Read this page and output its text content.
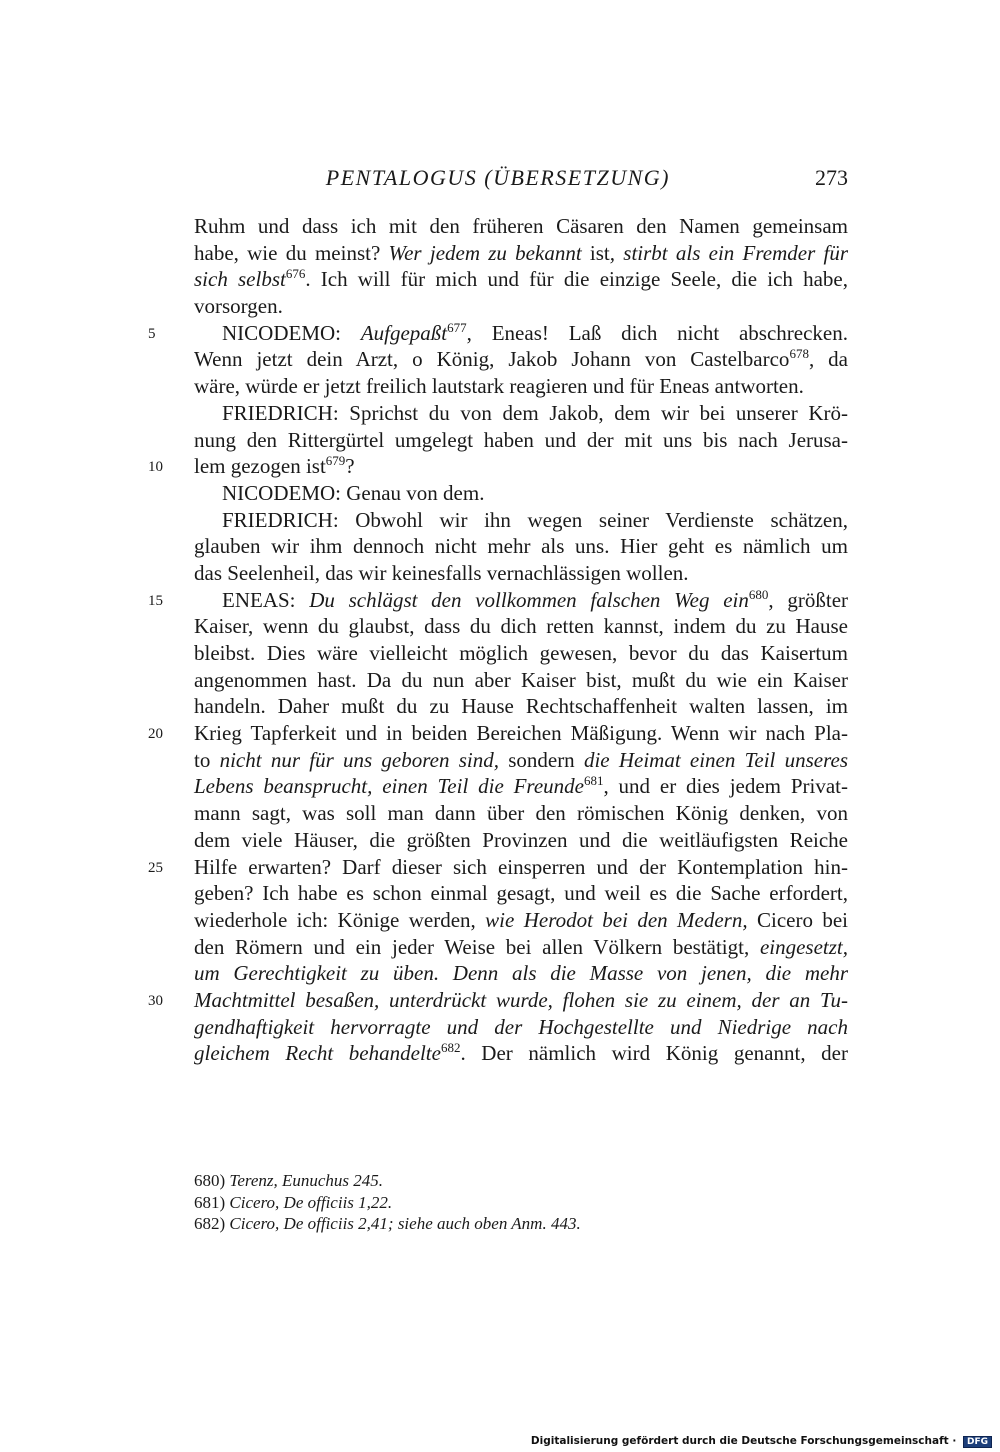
PENTALOGUS (ÜBERSETZUNG)	273
Ruhm und dass ich mit den früheren Cäsaren den Namen gemeinsam
habe, wie du meinst? Wer jedem zu bekannt ist, stirbt als ein Fremder für
sich selbst$^{676}$. Ich will für mich und für die einzige Seele, die ich habe,
vorsorgen.
5	NICODEMO: Aufgepaßt$^{677}$, Eneas! Laß dich nicht abschrecken.
Wenn jetzt dein Arzt, o König, Jakob Johann von Castelbarco$^{678}$, da
wäre, würde er jetzt freilich lautstark reagieren und für Eneas antworten.
FRIEDRICH: Sprichst du von dem Jakob, dem wir bei unserer Krö-
nung den Rittergürtel umgelegt haben und der mit uns bis nach Jerusa-
10	lem gezogen ist$^{679}$?
NICODEMO: Genau von dem.
FRIEDRICH: Obwohl wir ihn wegen seiner Verdienste schätzen,
glauben wir ihm dennoch nicht mehr als uns. Hier geht es nämlich um
das Seelenheil, das wir keinesfalls vernachlässigen wollen.
15	ENEAS: Du schlägst den vollkommen falschen Weg ein$^{680}$, größter
Kaiser, wenn du glaubst, dass du dich retten kannst, indem du zu Hause
bleibst. Dies wäre vielleicht möglich gewesen, bevor du das Kaisertum
angenommen hast. Da du nun aber Kaiser bist, mußt du wie ein Kaiser
handeln. Daher mußt du zu Hause Rechtschaffenheit walten lassen, im
20	Krieg Tapferkeit und in beiden Bereichen Mäßigung. Wenn wir nach Pla-
to nicht nur für uns geboren sind, sondern die Heimat einen Teil unseres
Lebens beansprucht, einen Teil die Freunde$^{681}$, und er dies jedem Privat-
mann sagt, was soll man dann über den römischen König denken, von
dem viele Häuser, die größten Provinzen und die weitläufigsten Reiche
25	Hilfe erwarten? Darf dieser sich einsperren und der Kontemplation hin-
geben? Ich habe es schon einmal gesagt, und weil es die Sache erfordert,
wiederhole ich: Könige werden, wie Herodot bei den Medern, Cicero bei
den Römern und ein jeder Weise bei allen Völkern bestätigt, eingesetzt,
um Gerechtigkeit zu üben. Denn als die Masse von jenen, die mehr
30	Machtmittel besaßen, unterdrückt wurde, flohen sie zu einem, der an Tu-
gendhaftigkeit hervorragte und der Hochgestellte und Niedrige nach
gleichem Recht behandelte$^{682}$. Der nämlich wird König genannt, der
680) Terenz, Eunuchus 245.
681) Cicero, De officiis 1,22.
682) Cicero, De officiis 2,41; siehe auch oben Anm. 443.
Digitalisierung gefördert durch die Deutsche Forschungsgemeinschaft · DFG
